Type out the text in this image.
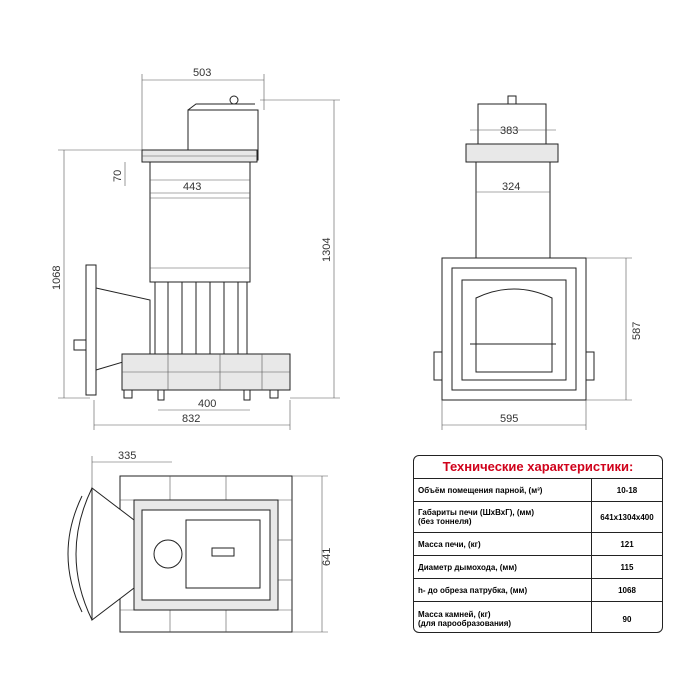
503
70
443
400
832
1304
1068
383
324
587
595
335
641
Технические характеристики:
Объём помещения парной, (м³)	10-18
Габариты печи (ШхВхГ), (мм)
(без тоннеля)	641х1304х400
Масса печи, (кг)	121
Диаметр дымохода, (мм)	115
h- до обреза патрубка, (мм)	1068
Масса камней, (кг)
(для парообразования)	90
